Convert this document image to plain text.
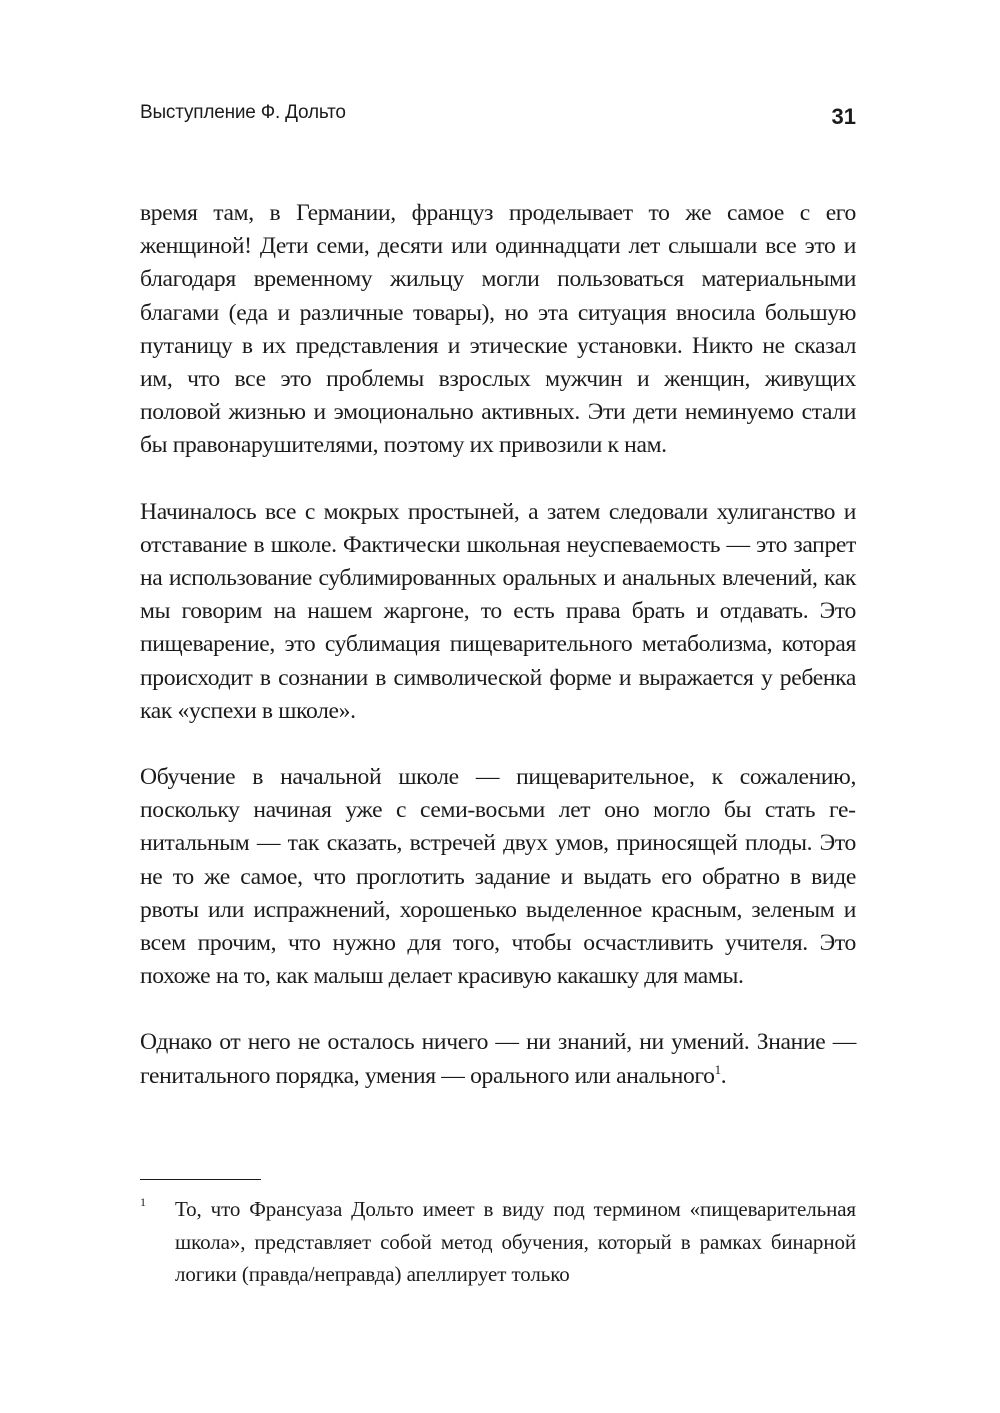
Выступление Ф. Дольто	31

время там, в Германии, француз проделывает то же самое с его женщиной! Дети семи, десяти или одиннадцати лет слышали все это и благодаря временному жильцу могли пользоваться материальными благами (еда и различные товары), но эта ситуация вносила большую путаницу в их представления и этические установки. Никто не сказал им, что все это проблемы взрослых мужчин и женщин, живущих половой жизнью и эмоционально активных. Эти дети неминуемо стали бы правонарушителями, поэтому их привозили к нам.

Начиналось все с мокрых простыней, а затем следовали хулиганство и отставание в школе. Фактически школьная неуспеваемость — это запрет на использование сублимированных оральных и анальных влечений, как мы говорим на нашем жаргоне, то есть права брать и отдавать. Это пищеварение, это сублимация пищеварительного метаболизма, которая происходит в сознании в символической форме и выражается у ребенка как «успехи в школе».

Обучение в начальной школе — пищеварительное, к сожалению, поскольку начиная уже с семи-восьми лет оно могло бы стать генитальным — так сказать, встречей двух умов, приносящей плоды. Это не то же самое, что проглотить задание и выдать его обратно в виде рвоты или испражнений, хорошенько выделенное красным, зеленым и всем прочим, что нужно для того, чтобы осчастливить учителя. Это похоже на то, как малыш делает красивую какашку для мамы.

Однако от него не осталось ничего — ни знаний, ни умений. Знание — генитального порядка, умения — орального или анального$^1$.

1 То, что Франсуаза Дольто имеет в виду под термином «пищеварительная школа», представляет собой метод обучения, который в рамках бинарной логики (правда/неправда) апеллирует только
